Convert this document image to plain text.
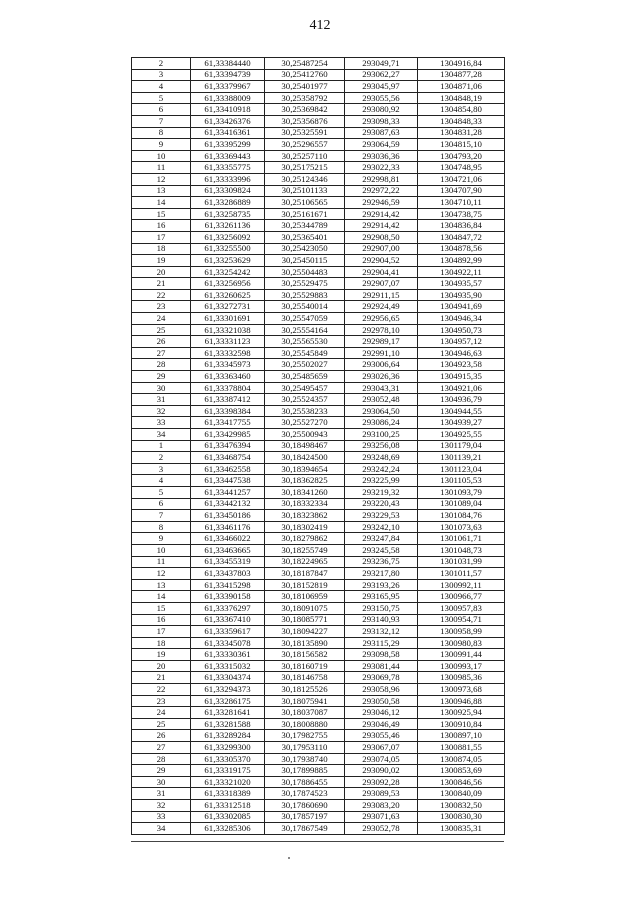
412
2	61,33384440	30,25487254	293049,71	1304916,84
3	61,33394739	30,25412760	293062,27	1304877,28
4	61,33379967	30,25401977	293045,97	1304871,06
5	61,33388009	30,25358792	293055,56	1304848,19
6	61,33410918	30,25369842	293080,92	1304854,80
7	61,33426376	30,25356876	293098,33	1304848,33
8	61,33416361	30,25325591	293087,63	1304831,28
9	61,33395299	30,25296557	293064,59	1304815,10
10	61,33369443	30,25257110	293036,36	1304793,20
11	61,33355775	30,25175215	293022,33	1304748,95
12	61,33333996	30,25124346	292998,81	1304721,06
13	61,33309824	30,25101133	292972,22	1304707,90
14	61,33286889	30,25106565	292946,59	1304710,11
15	61,33258735	30,25161671	292914,42	1304738,75
16	61,33261136	30,25344789	292914,42	1304836,84
17	61,33256092	30,25365401	292908,50	1304847,72
18	61,33255500	30,25423050	292907,00	1304878,56
19	61,33253629	30,25450115	292904,52	1304892,99
20	61,33254242	30,25504483	292904,41	1304922,11
21	61,33256956	30,25529475	292907,07	1304935,57
22	61,33260625	30,25529883	292911,15	1304935,90
23	61,33272731	30,25540014	292924,49	1304941,69
24	61,33301691	30,25547059	292956,65	1304946,34
25	61,33321038	30,25554164	292978,10	1304950,73
26	61,33331123	30,25565530	292989,17	1304957,12
27	61,33332598	30,25545849	292991,10	1304946,63
28	61,33345973	30,25502027	293006,64	1304923,58
29	61,33363460	30,25485659	293026,36	1304915,35
30	61,33378804	30,25495457	293043,31	1304921,06
31	61,33387412	30,25524357	293052,48	1304936,79
32	61,33398384	30,25538233	293064,50	1304944,55
33	61,33417755	30,25527270	293086,24	1304939,27
34	61,33429985	30,25500943	293100,25	1304925,55
1	61,33476394	30,18498467	293256,08	1301179,04
2	61,33468754	30,18424500	293248,69	1301139,21
3	61,33462558	30,18394654	293242,24	1301123,04
4	61,33447538	30,18362825	293225,99	1301105,53
5	61,33441257	30,18341260	293219,32	1301093,79
6	61,33442132	30,18332334	293220,43	1301089,04
7	61,33450186	30,18323862	293229,53	1301084,76
8	61,33461176	30,18302419	293242,10	1301073,63
9	61,33466022	30,18279862	293247,84	1301061,71
10	61,33463665	30,18255749	293245,58	1301048,73
11	61,33455319	30,18224965	293236,75	1301031,99
12	61,33437803	30,18187847	293217,80	1301011,57
13	61,33415298	30,18152819	293193,26	1300992,11
14	61,33390158	30,18106959	293165,95	1300966,77
15	61,33376297	30,18091075	293150,75	1300957,83
16	61,33367410	30,18085771	293140,93	1300954,71
17	61,33359617	30,18094227	293132,12	1300958,99
18	61,33345078	30,18135890	293115,29	1300980,83
19	61,33330361	30,18156582	293098,58	1300991,44
20	61,33315032	30,18160719	293081,44	1300993,17
21	61,33304374	30,18146758	293069,78	1300985,36
22	61,33294373	30,18125526	293058,96	1300973,68
23	61,33286175	30,18075941	293050,58	1300946,88
24	61,33281641	30,18037087	293046,12	1300925,94
25	61,33281588	30,18008880	293046,49	1300910,84
26	61,33289284	30,17982755	293055,46	1300897,10
27	61,33299300	30,17953110	293067,07	1300881,55
28	61,33305370	30,17938740	293074,05	1300874,05
29	61,33319175	30,17899885	293090,02	1300853,69
30	61,33321020	30,17886455	293092,28	1300846,56
31	61,33318389	30,17874523	293089,53	1300840,09
32	61,33312518	30,17860690	293083,20	1300832,50
33	61,33302085	30,17857197	293071,63	1300830,30
34	61,33285306	30,17867549	293052,78	1300835,31
